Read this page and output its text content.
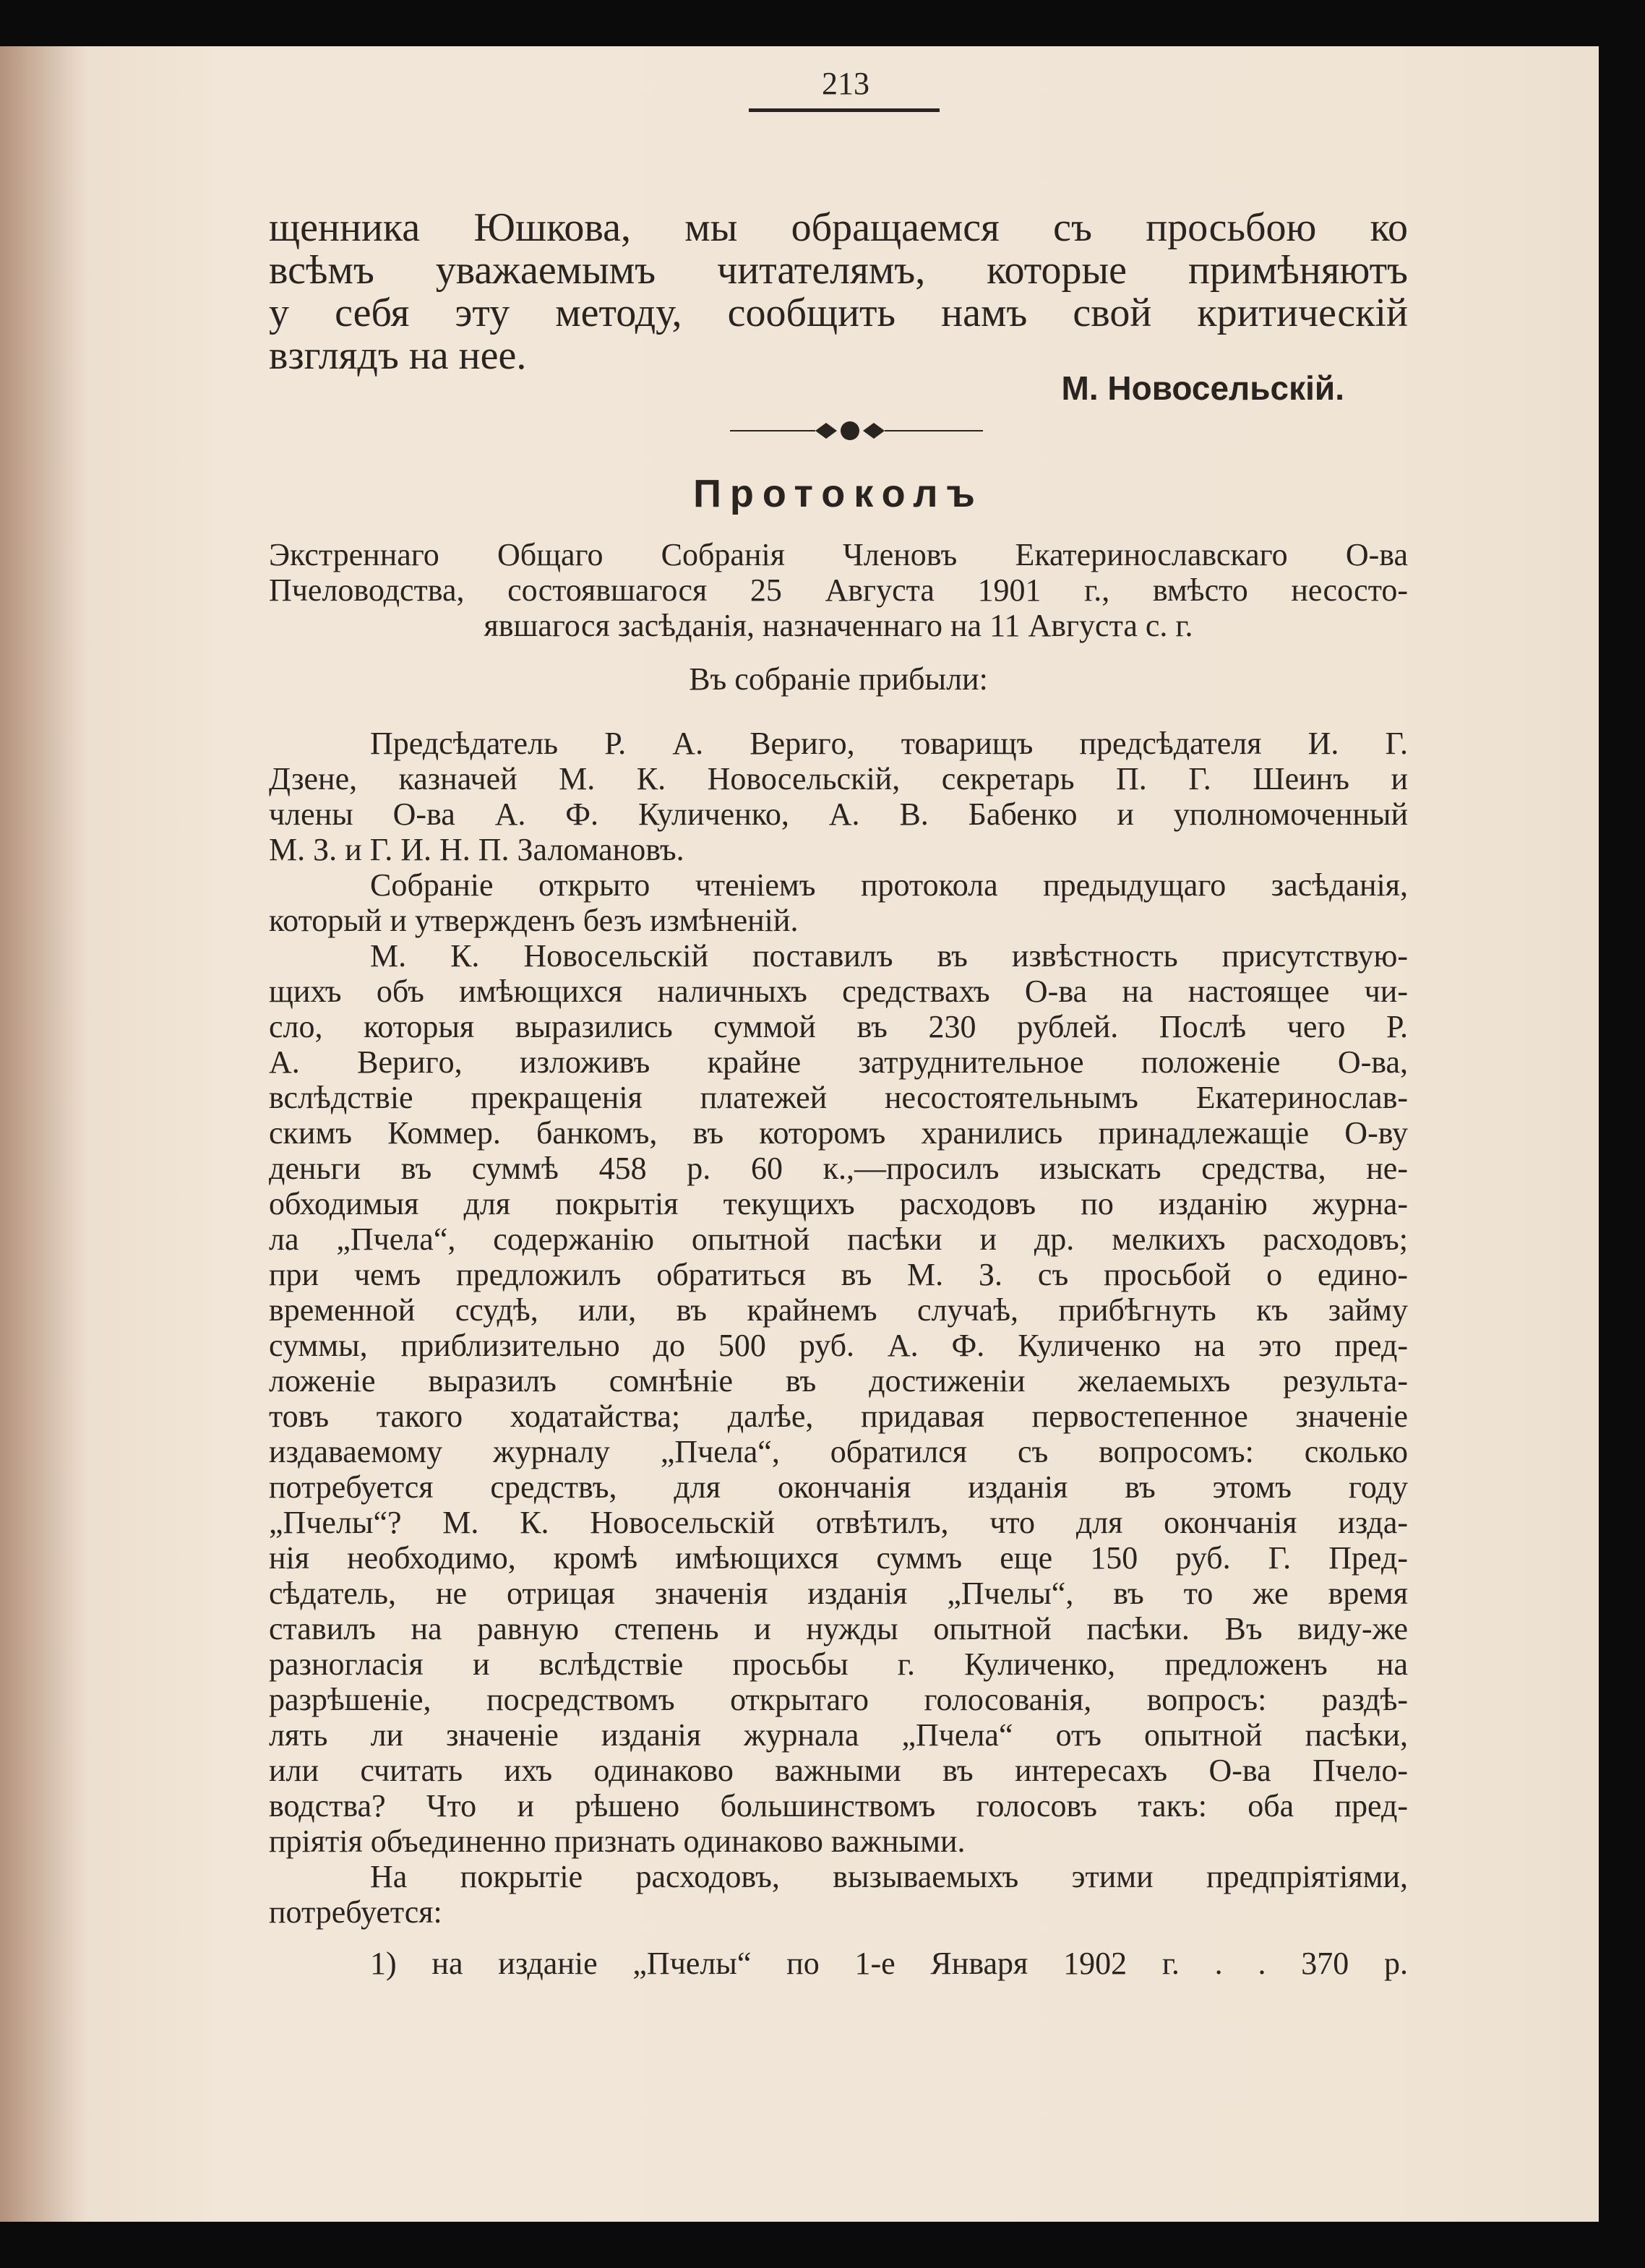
213
щенника Юшкова, мы обращаемся съ просьбою ко
всѣмъ уважаемымъ читателямъ, которые примѣняютъ
у себя эту методу, сообщить намъ свой критическій
взглядъ на нее.
М. Новосельскій.
Протоколъ
Экстреннаго Общаго Собранія Членовъ Екатеринославскаго О-ва
Пчеловодства, состоявшагося 25 Августа 1901 г., вмѣсто несосто-
явшагося засѣданія, назначеннаго на 11 Августа с. г.
Въ собраніе прибыли:
Предсѣдатель Р. А. Веригo, товарищъ предсѣдателя И. Г.
Дзене, казначей М. К. Новосельскій, секретарь П. Г. Шеинъ и
члены О-ва А. Ф. Куличенко, А. В. Бабенко и уполномоченный
М. З. и Г. И. Н. П. Заломановъ.
Собраніе открыто чтеніемъ протокола предыдущаго засѣданія,
который и утвержденъ безъ измѣненій.
М. К. Новосельскій поставилъ въ извѣстность присутствую-
щихъ объ имѣющихся наличныхъ средствахъ О-ва на настоящее чи-
сло, которыя выразились суммой въ 230 рублей. Послѣ чего Р.
А. Веригo, изложивъ крайне затруднительное положеніе О-ва,
вслѣдствіе прекращенія платежей несостоятельнымъ Екатеринослав-
скимъ Коммер. банкомъ, въ которомъ хранились принадлежащіе О-ву
деньги въ суммѣ 458 р. 60 к.,—просилъ изыскать средства, не-
обходимыя для покрытія текущихъ расходовъ по изданію журна-
ла „Пчела“, содержанію опытной пасѣки и др. мелкихъ расходовъ;
при чемъ предложилъ обратиться въ М. З. съ просьбой о едино-
временной ссудѣ, или, въ крайнемъ случаѣ, прибѣгнуть къ займу
суммы, приблизительно до 500 руб. А. Ф. Куличенко на это пред-
ложеніе выразилъ сомнѣніе въ достиженіи желаемыхъ результа-
товъ такого ходатайства; далѣе, придавая первостепенное значеніе
издаваемому журналу „Пчела“, обратился съ вопросомъ: сколько
потребуется средствъ, для окончанія изданія въ этомъ году
„Пчелы“? М. К. Новосельскій отвѣтилъ, что для окончанія изда-
нія необходимо, кромѣ имѣющихся суммъ еще 150 руб. Г. Пред-
сѣдатель, не отрицая значенія изданія „Пчелы“, въ то же время
ставилъ на равную степень и нужды опытной пасѣки. Въ виду-же
разногласія и вслѣдствіе просьбы г. Куличенко, предложенъ на
разрѣшеніе, посредствомъ открытаго голосованія, вопросъ: раздѣ-
лять ли значеніе изданія журнала „Пчела“ отъ опытной пасѣки,
или считать ихъ одинаково важными въ интересахъ О-ва Пчело-
водства? Что и рѣшено большинствомъ голосовъ такъ: оба пред-
пріятія объединенно признать одинаково важными.
На покрытіе расходовъ, вызываемыхъ этими предпріятіями,
потребуется:
1) на изданіе „Пчелы“ по 1-е Января 1902 г. . . 370 р.
